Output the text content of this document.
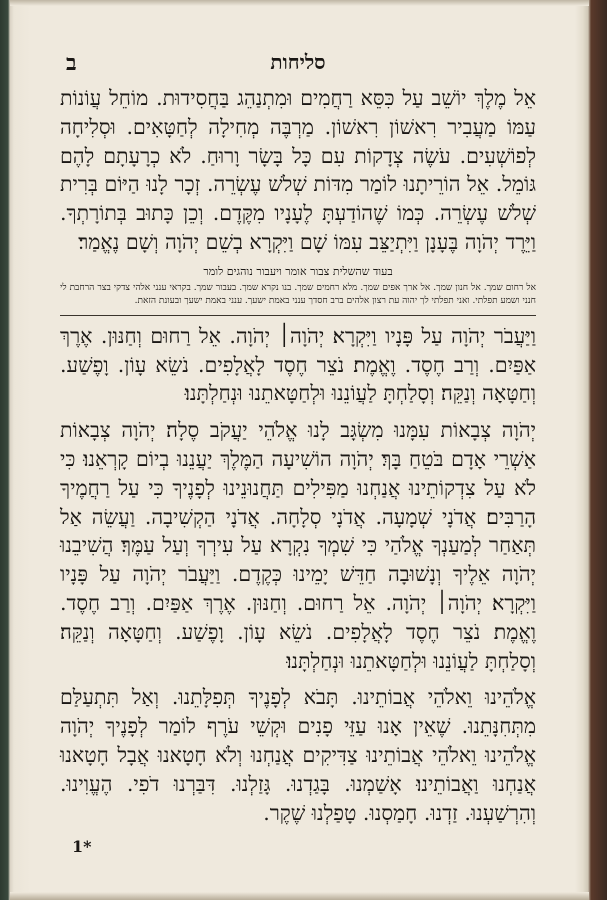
סליחות
ב

אֵל מֶלֶךְ יוֹשֵׁב עַל כִּסֵּא רַחֲמִים וּמִתְנַהֵג בַּחֲסִידוּת. מוֹחֵל עֲוֹנוֹת עַמּוֹ מַעֲבִיר רִאשׁוֹן רִאשׁוֹן. מַרְבֶּה מְחִילָה לְחַטָּאִים. וּסְלִיחָה לְפוֹשְׁעִים. עֹשֶׂה צְדָקוֹת עִם כָּל בָּשָׂר וָרוּחַ. לֹא כְרָעָתָם לָהֶם גּוֹמֵל. אֵל הוֹרֵיתָנוּ לוֹמַר מִדּוֹת שְׁלֹשׁ עֶשְׂרֵה. זְכָר לָנוּ הַיּוֹם בְּרִית שְׁלֹשׁ עֶשְׂרֵה. כְּמוֹ שֶׁהוֹדַעְתָּ לֶעָנָיו מִקֶּדֶם. וְכֵן כָּתוּב בְּתוֹרָתְךָ. וַיֵּרֶד יְהֹוָה בֶּעָנָן וַיִּתְיַצֵּב עִמּוֹ שָׁם וַיִּקְרָא בְשֵׁם יְהֹוָה וְשָׁם נֶאֱמַר׃

בעוד שהשלית צבור אומר ויעבור נוהגים לומר

אל רחום שמך. אל חנון שמך. אל ארך אפים שמך. מלא רחמים שמך. בנו נקרא שמך. בעבור שמך. בקראי ענני אלהי צדקי בצר הרחבת לי חנני ושמע תפלתי. ואני תפלתי לך יהוה עת רצון אלהים ברב חסדך ענני באמת ישעך. ענני באמת ישעך ובעונת הזאת.

וַיַּעֲבֹר יְהֹוָה עַל פָּנָיו וַיִּקְרָא׃ יְהֹוָה׀ יְהֹוָה. אֵל רַחוּם וְחַנּוּן. אֶרֶךְ אַפַּיִם. וְרַב חֶסֶד. וֶאֱמֶת׃ נֹצֵר חֶסֶד לָאֲלָפִים. נֹשֵׂא עָוֹן. וָפֶשַׁע. וְחַטָּאָה וְנַקֵּה׃ וְסָלַחְתָּ לַעֲוֹנֵנוּ וּלְחַטָּאתֵנוּ וּנְחַלְתָּנוּ׃

יְהֹוָה צְבָאוֹת עִמָּנוּ מִשְׂגָּב לָנוּ אֱלֹהֵי יַעֲקֹב סֶלָה׃ יְהֹוָה צְבָאוֹת אַשְׁרֵי אָדָם בֹּטֵחַ בָּךְ׃ יְהֹוָה הוֹשִׁיעָה הַמֶּלֶךְ יַעֲנֵנוּ בְיוֹם קָרְאֵנוּ׃ כִּי לֹא עַל צִדְקוֹתֵינוּ אֲנַחְנוּ מַפִּילִים תַּחֲנוּנֵינוּ לְפָנֶיךָ כִּי עַל רַחֲמֶיךָ הָרַבִּים׃ אֲדֹנָי שְׁמָעָה. אֲדֹנָי סְלָחָה. אֲדֹנָי הַקְשִׁיבָה. וַעֲשֵׂה אַל תְּאַחַר לְמַעַנְךָ אֱלֹהַי כִּי שִׁמְךָ נִקְרָא עַל עִירְךָ וְעַל עַמֶּךָ׃ הֲשִׁיבֵנוּ יְהֹוָה אֵלֶיךָ וְנָשׁוּבָה חַדֵּשׁ יָמֵינוּ כְּקֶדֶם. וַיַּעֲבֹר יְהֹוָה עַל פָּנָיו וַיִּקְרָא׃ יְהֹוָה׀ יְהֹוָה. אֵל רַחוּם. וְחַנּוּן. אֶרֶךְ אַפַּיִם. וְרַב חֶסֶד. וֶאֱמֶת׃ נֹצֵר חֶסֶד לָאֲלָפִים. נֹשֵׂא עָוֹן. וָפֶשַׁע. וְחַטָּאָה וְנַקֵּה׃ וְסָלַחְתָּ לַעֲוֹנֵנוּ וּלְחַטָּאתֵנוּ וּנְחַלְתָּנוּ׃

אֱלֹהֵינוּ וֵאלֹהֵי אֲבוֹתֵינוּ. תָּבֹא לְפָנֶיךָ תְּפִלָּתֵנוּ. וְאַל תִּתְעַלַּם מִתְּחִנָּתֵנוּ. שֶׁאֵין אָנוּ עַזֵּי פָנִים וּקְשֵׁי עֹרֶף לוֹמַר לְפָנֶיךָ יְהֹוָה אֱלֹהֵינוּ וֵאלֹהֵי אֲבוֹתֵינוּ צַדִּיקִים אֲנַחְנוּ וְלֹא חָטָאנוּ אֲבָל חָטָאנוּ אֲנַחְנוּ וַאֲבוֹתֵינוּ׃ אָשַׁמְנוּ. בָּגַדְנוּ. גָּזַלְנוּ. דִּבַּרְנוּ דֹפִי. הֶעֱוִינוּ. וְהִרְשַׁעְנוּ. זַדְנוּ. חָמַסְנוּ. טָפַלְנוּ שֶׁקֶר.

1*
